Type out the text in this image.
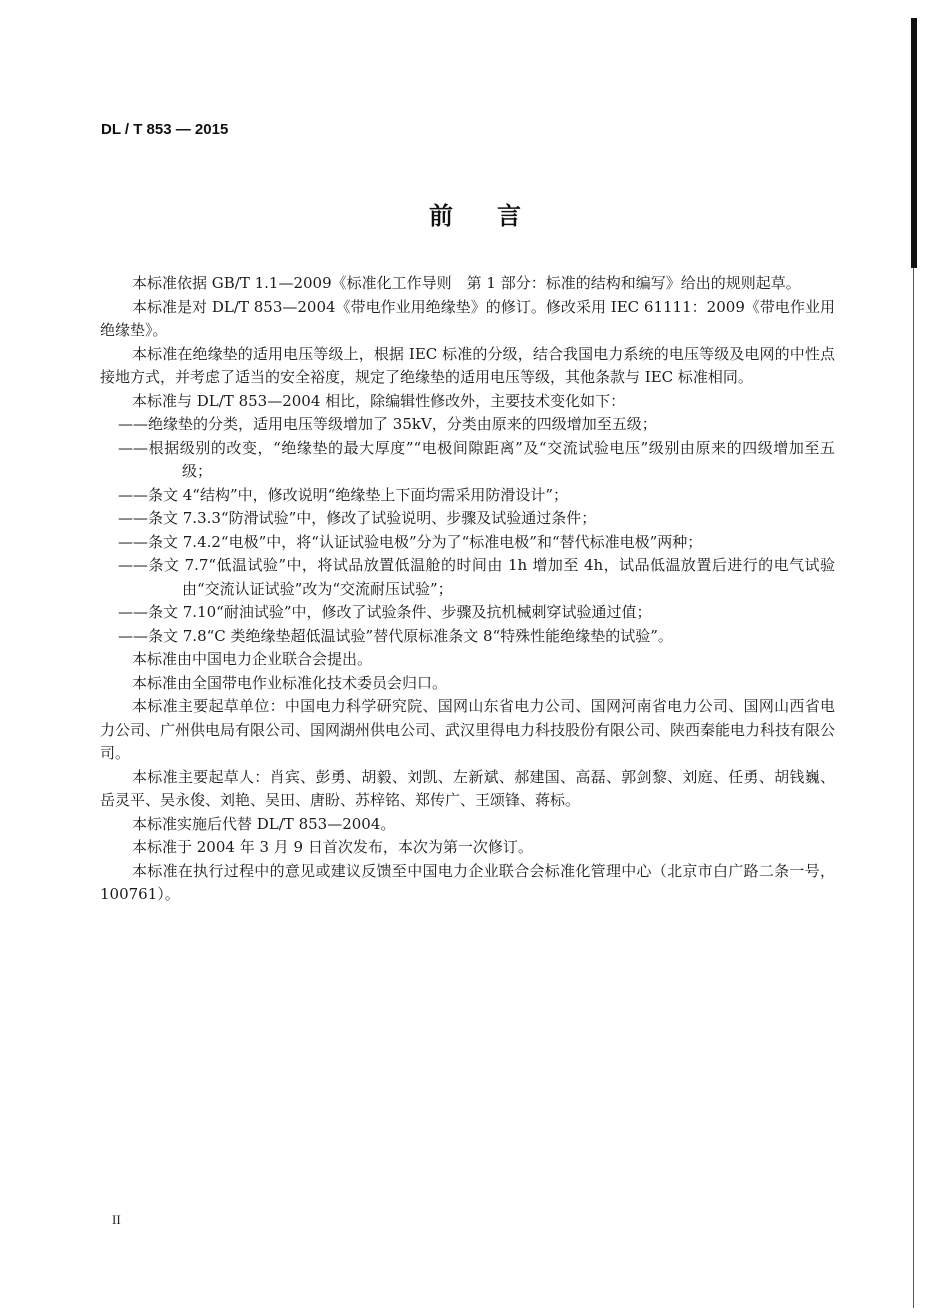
DL / T 853 — 2015
前言

本标准依据 GB/T 1.1—2009《标准化工作导则　第 1 部分：标准的结构和编写》给出的规则起草。

本标准是对 DL/T 853—2004《带电作业用绝缘垫》的修订。修改采用 IEC 61111：2009《带电作业用绝缘垫》。

本标准在绝缘垫的适用电压等级上，根据 IEC 标准的分级，结合我国电力系统的电压等级及电网的中性点接地方式，并考虑了适当的安全裕度，规定了绝缘垫的适用电压等级，其他条款与 IEC 标准相同。

本标准与 DL/T 853—2004 相比，除编辑性修改外，主要技术变化如下：

——绝缘垫的分类，适用电压等级增加了 35kV，分类由原来的四级增加至五级；

——根据级别的改变，“绝缘垫的最大厚度”“电极间隙距离”及“交流试验电压”级别由原来的四级增加至五级；

——条文 4“结构”中，修改说明“绝缘垫上下面均需采用防滑设计”；

——条文 7.3.3“防滑试验”中，修改了试验说明、步骤及试验通过条件；

——条文 7.4.2“电极”中，将“认证试验电极”分为了“标准电极”和“替代标准电极”两种；

——条文 7.7“低温试验”中，将试品放置低温舱的时间由 1h 增加至 4h，试品低温放置后进行的电气试验由“交流认证试验”改为“交流耐压试验”；

——条文 7.10“耐油试验”中，修改了试验条件、步骤及抗机械刺穿试验通过值；

——条文 7.8“C 类绝缘垫超低温试验”替代原标准条文 8“特殊性能绝缘垫的试验”。

本标准由中国电力企业联合会提出。

本标准由全国带电作业标准化技术委员会归口。

本标准主要起草单位：中国电力科学研究院、国网山东省电力公司、国网河南省电力公司、国网山西省电力公司、广州供电局有限公司、国网湖州供电公司、武汉里得电力科技股份有限公司、陕西秦能电力科技有限公司。

本标准主要起草人：肖宾、彭勇、胡毅、刘凯、左新斌、郝建国、高磊、郭剑黎、刘庭、任勇、胡钱巍、岳灵平、吴永俊、刘艳、吴田、唐盼、苏梓铭、郑传广、王颂锋、蒋标。

本标准实施后代替 DL/T 853—2004。

本标准于 2004 年 3 月 9 日首次发布，本次为第一次修订。

本标准在执行过程中的意见或建议反馈至中国电力企业联合会标准化管理中心（北京市白广路二条一号，100761）。

II
